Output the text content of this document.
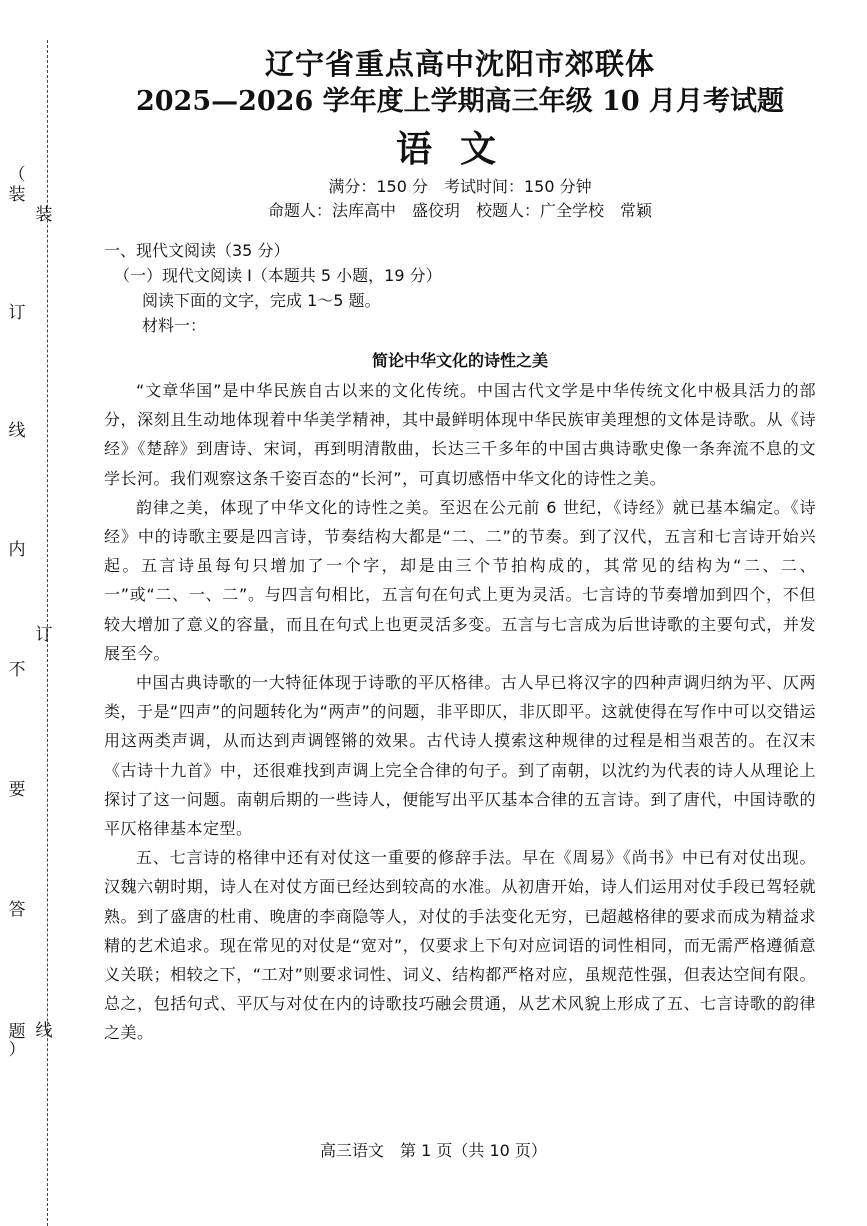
（
装
订
线
内
不
要
答
题
）
装
订
线
辽宁省重点高中沈阳市郊联体
2025—2026 学年度上学期高三年级 10 月月考试题
语文
满分：150 分　考试时间：150 分钟
命题人：法库高中　盛佼玥　校题人：广全学校　常颖
一、现代文阅读（35 分）
（一）现代文阅读 I（本题共 5 小题，19 分）
阅读下面的文字，完成 1～5 题。
材料一：
简论中华文化的诗性之美

“文章华国”是中华民族自古以来的文化传统。中国古代文学是中华传统文化中极具活力的部分，深刻且生动地体现着中华美学精神，其中最鲜明体现中华民族审美理想的文体是诗歌。从《诗经》《楚辞》到唐诗、宋词，再到明清散曲，长达三千多年的中国古典诗歌史像一条奔流不息的文学长河。我们观察这条千姿百态的“长河”，可真切感悟中华文化的诗性之美。

韵律之美，体现了中华文化的诗性之美。至迟在公元前 6 世纪，《诗经》就已基本编定。《诗经》中的诗歌主要是四言诗，节奏结构大都是“二、二”的节奏。到了汉代，五言和七言诗开始兴起。五言诗虽每句只增加了一个字，却是由三个节拍构成的，其常见的结构为“二、二、一”或“二、一、二”。与四言句相比，五言句在句式上更为灵活。七言诗的节奏增加到四个，不但较大增加了意义的容量，而且在句式上也更灵活多变。五言与七言成为后世诗歌的主要句式，并发展至今。

中国古典诗歌的一大特征体现于诗歌的平仄格律。古人早已将汉字的四种声调归纳为平、仄两类，于是“四声”的问题转化为“两声”的问题，非平即仄，非仄即平。这就使得在写作中可以交错运用这两类声调，从而达到声调铿锵的效果。古代诗人摸索这种规律的过程是相当艰苦的。在汉末《古诗十九首》中，还很难找到声调上完全合律的句子。到了南朝，以沈约为代表的诗人从理论上探讨了这一问题。南朝后期的一些诗人，便能写出平仄基本合律的五言诗。到了唐代，中国诗歌的平仄格律基本定型。

五、七言诗的格律中还有对仗这一重要的修辞手法。早在《周易》《尚书》中已有对仗出现。汉魏六朝时期，诗人在对仗方面已经达到较高的水准。从初唐开始，诗人们运用对仗手段已驾轻就熟。到了盛唐的杜甫、晚唐的李商隐等人，对仗的手法变化无穷，已超越格律的要求而成为精益求精的艺术追求。现在常见的对仗是“宽对”，仅要求上下句对应词语的词性相同，而无需严格遵循意义关联；相较之下，“工对”则要求词性、词义、结构都严格对应，虽规范性强，但表达空间有限。总之，包括句式、平仄与对仗在内的诗歌技巧融会贯通，从艺术风貌上形成了五、七言诗歌的韵律之美。

高三语文　第 1 页（共 10 页）
